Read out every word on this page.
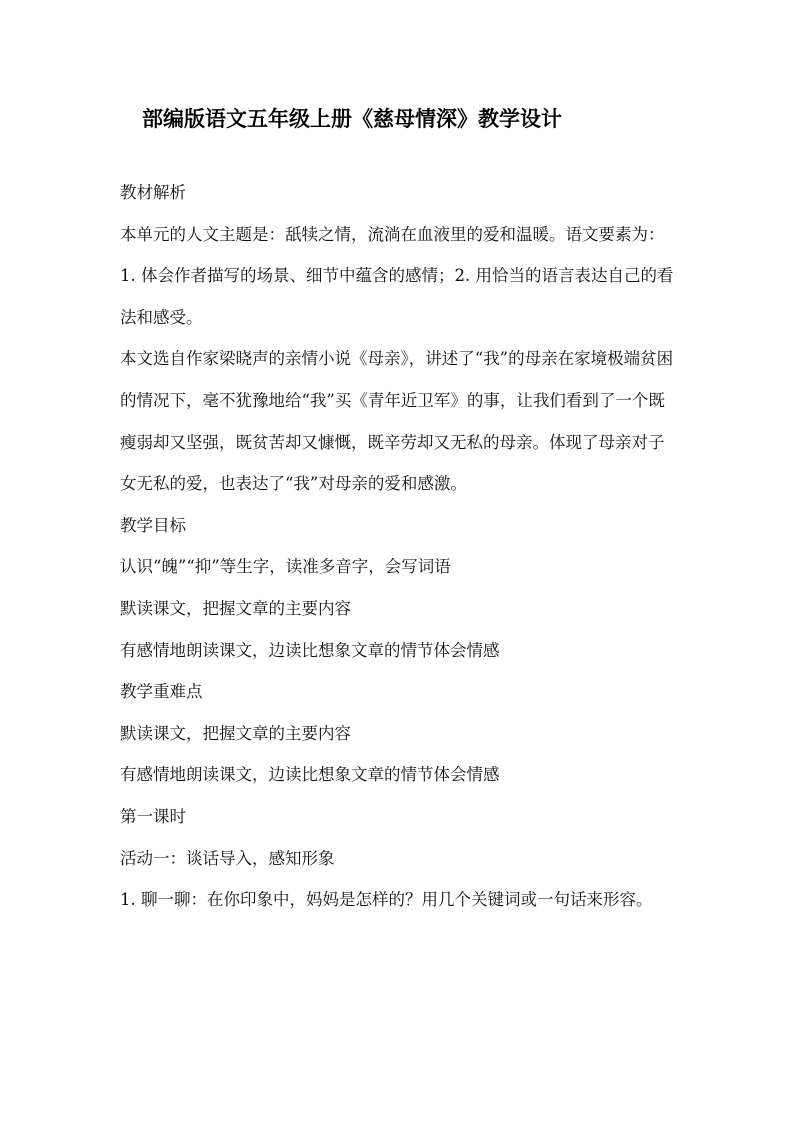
部编版语文五年级上册《慈母情深》教学设计
教材解析

本单元的人文主题是：舐犊之情，流淌在血液里的爱和温暖。语文要素为：1. 体会作者描写的场景、细节中蕴含的感情；2. 用恰当的语言表达自己的看法和感受。

本文选自作家梁晓声的亲情小说《母亲》，讲述了“我”的母亲在家境极端贫困的情况下，毫不犹豫地给“我”买《青年近卫军》的事，让我们看到了一个既瘦弱却又坚强，既贫苦却又慷慨，既辛劳却又无私的母亲。体现了母亲对子女无私的爱，也表达了“我”对母亲的爱和感激。

教学目标
认识“魄”“抑”等生字，读准多音字，会写词语
默读课文，把握文章的主要内容
有感情地朗读课文，边读比想象文章的情节体会情感
教学重难点
默读课文，把握文章的主要内容
有感情地朗读课文，边读比想象文章的情节体会情感
第一课时
活动一：谈话导入，感知形象

1. 聊一聊：在你印象中，妈妈是怎样的？用几个关键词或一句话来形容。
